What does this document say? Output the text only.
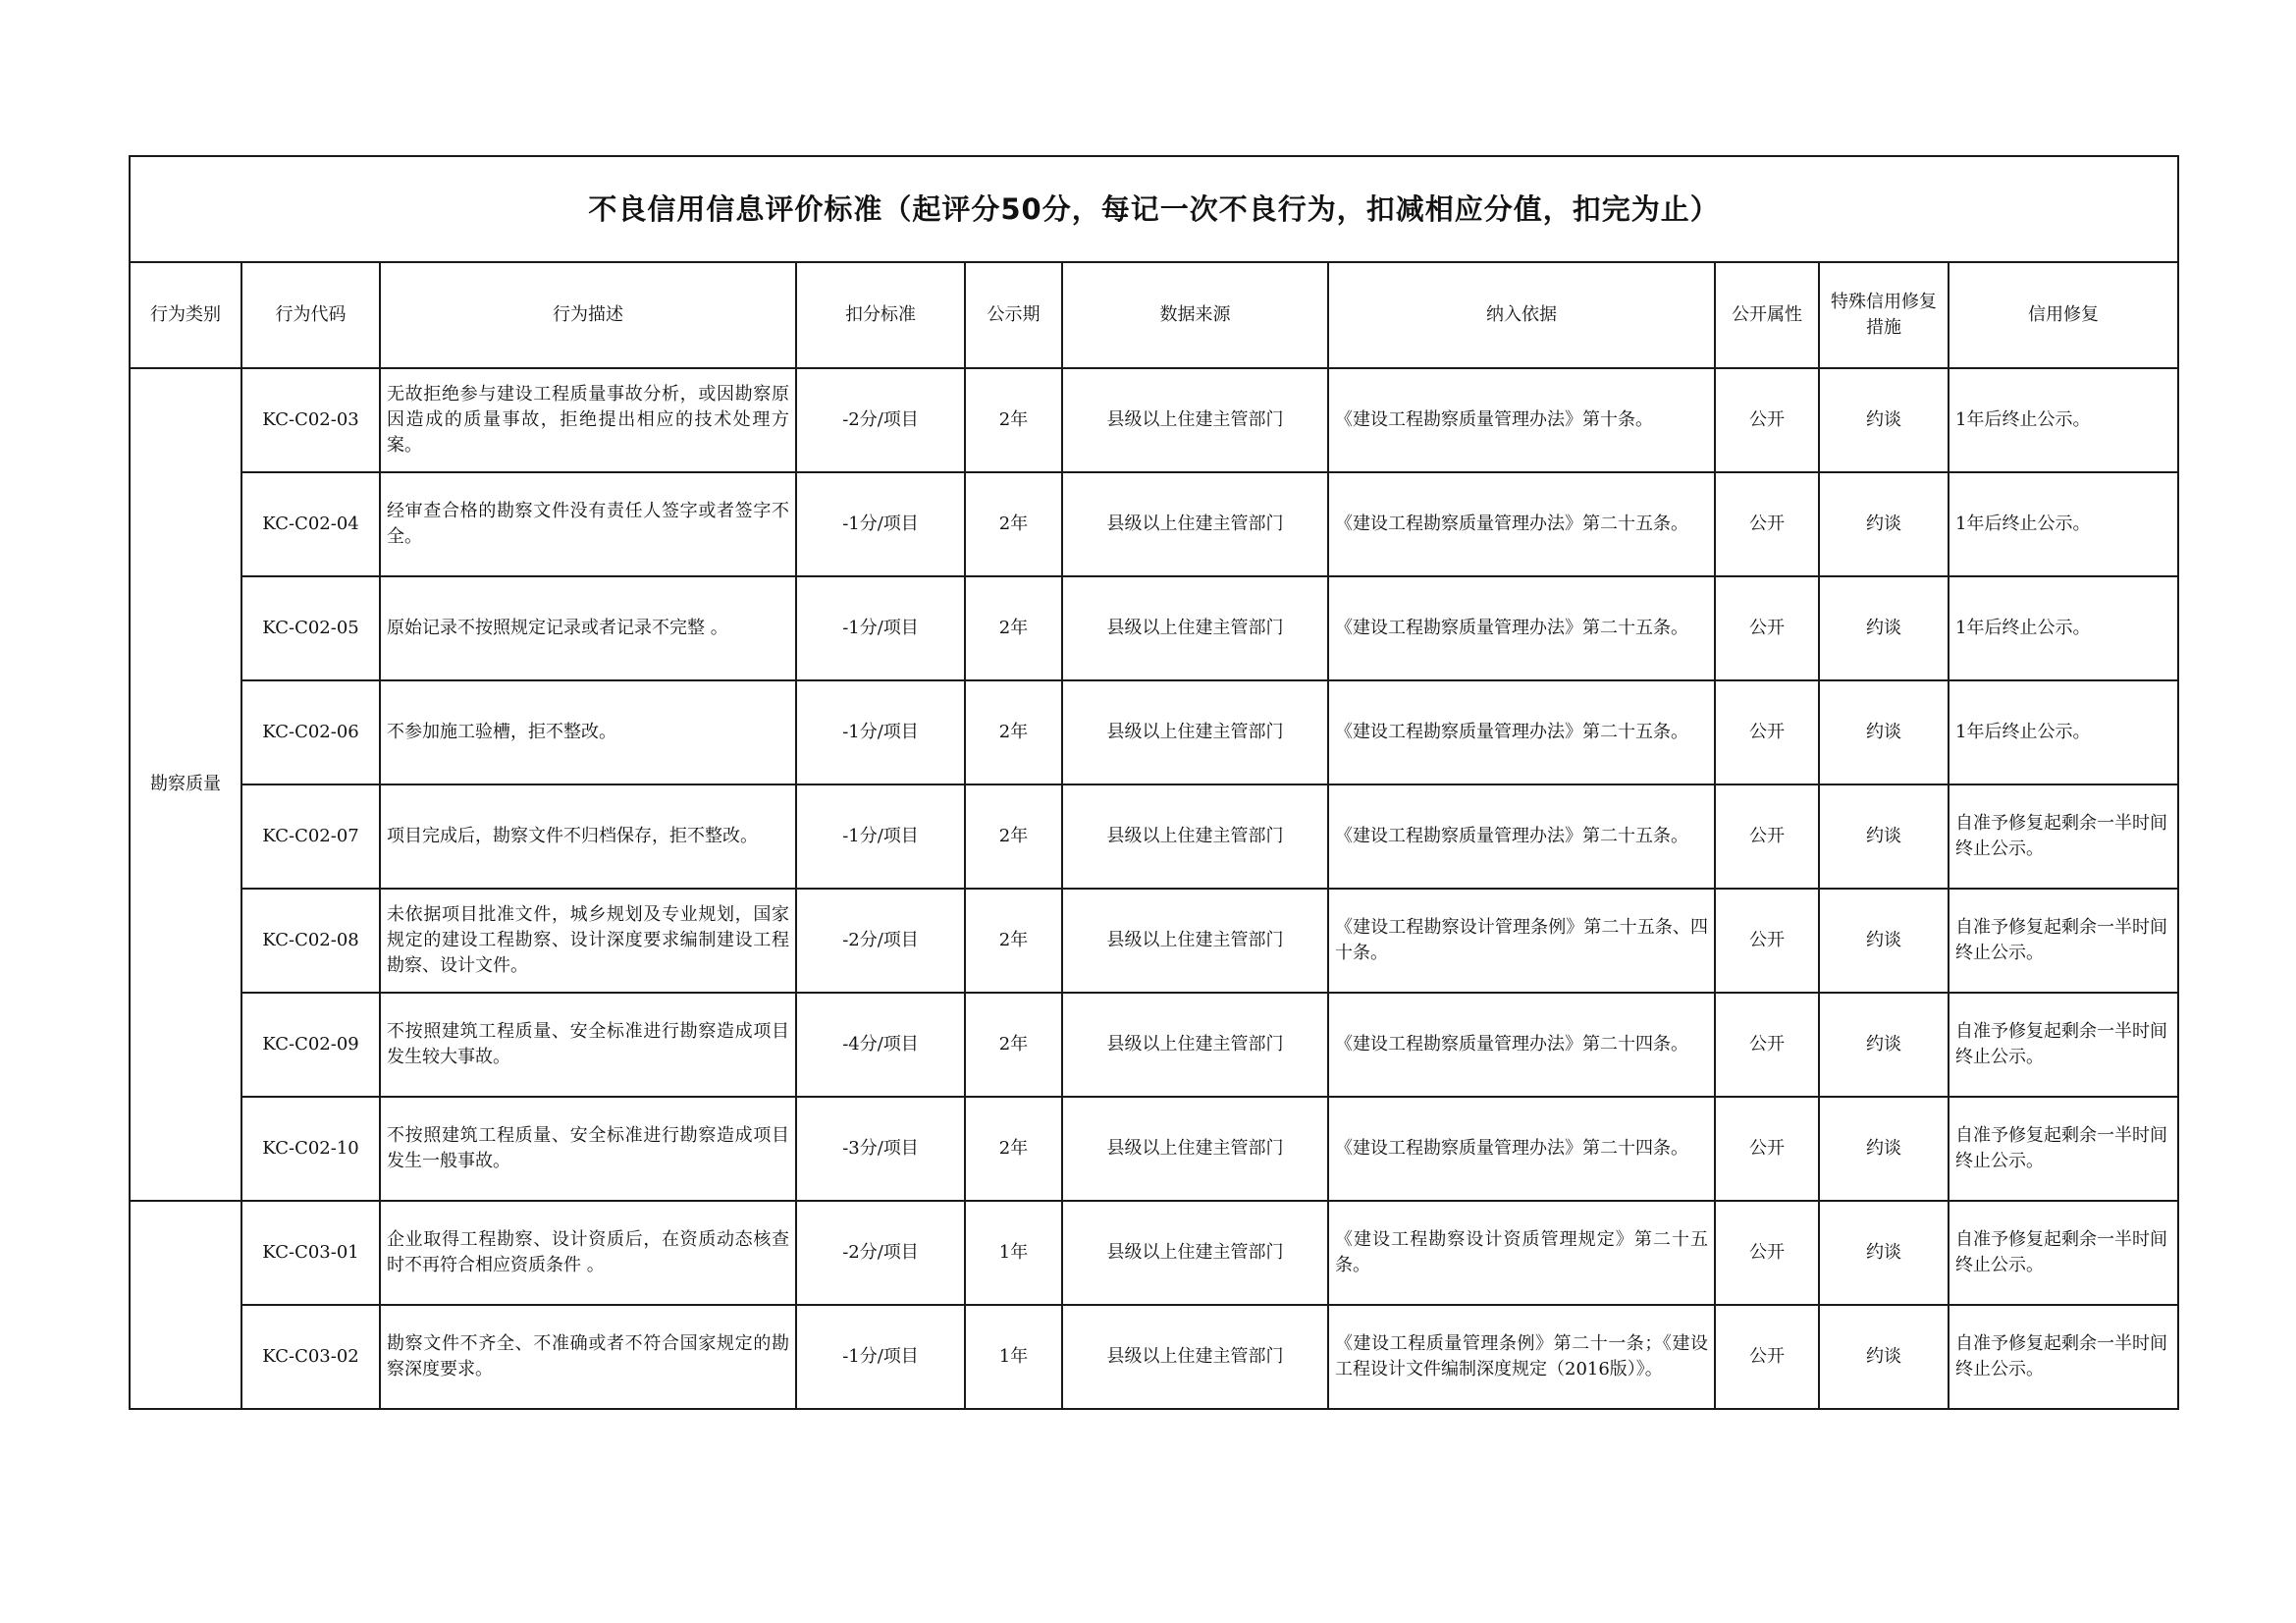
不良信用信息评价标准（起评分50分，每记一次不良行为，扣减相应分值，扣完为止）									
行为类别	行为代码	行为描述	扣分标准	公示期	数据来源	纳入依据	公开属性	特殊信用修复措施	信用修复
勘察质量	KC-C02-03	无故拒绝参与建设工程质量事故分析，或因勘察原因造成的质量事故，拒绝提出相应的技术处理方案。	-2分/项目	2年	县级以上住建主管部门	《建设工程勘察质量管理办法》第十条。	公开	约谈	1年后终止公示。
	KC-C02-04	经审查合格的勘察文件没有责任人签字或者签字不全。	-1分/项目	2年	县级以上住建主管部门	《建设工程勘察质量管理办法》第二十五条。	公开	约谈	1年后终止公示。
	KC-C02-05	原始记录不按照规定记录或者记录不完整 。	-1分/项目	2年	县级以上住建主管部门	《建设工程勘察质量管理办法》第二十五条。	公开	约谈	1年后终止公示。
	KC-C02-06	不参加施工验槽，拒不整改。	-1分/项目	2年	县级以上住建主管部门	《建设工程勘察质量管理办法》第二十五条。	公开	约谈	1年后终止公示。
	KC-C02-07	项目完成后，勘察文件不归档保存，拒不整改。	-1分/项目	2年	县级以上住建主管部门	《建设工程勘察质量管理办法》第二十五条。	公开	约谈	自准予修复起剩余一半时间终止公示。
	KC-C02-08	未依据项目批准文件，城乡规划及专业规划，国家规定的建设工程勘察、设计深度要求编制建设工程勘察、设计文件。	-2分/项目	2年	县级以上住建主管部门	《建设工程勘察设计管理条例》第二十五条、四十条。	公开	约谈	自准予修复起剩余一半时间终止公示。
	KC-C02-09	不按照建筑工程质量、安全标准进行勘察造成项目发生较大事故。	-4分/项目	2年	县级以上住建主管部门	《建设工程勘察质量管理办法》第二十四条。	公开	约谈	自准予修复起剩余一半时间终止公示。
	KC-C02-10	不按照建筑工程质量、安全标准进行勘察造成项目发生一般事故。	-3分/项目	2年	县级以上住建主管部门	《建设工程勘察质量管理办法》第二十四条。	公开	约谈	自准予修复起剩余一半时间终止公示。
	KC-C03-01	企业取得工程勘察、设计资质后，在资质动态核查时不再符合相应资质条件 。	-2分/项目	1年	县级以上住建主管部门	《建设工程勘察设计资质管理规定》第二十五条。	公开	约谈	自准予修复起剩余一半时间终止公示。
	KC-C03-02	勘察文件不齐全、不准确或者不符合国家规定的勘察深度要求。	-1分/项目	1年	县级以上住建主管部门	《建设工程质量管理条例》第二十一条；《建设工程设计文件编制深度规定（2016版）》。	公开	约谈	自准予修复起剩余一半时间终止公示。
